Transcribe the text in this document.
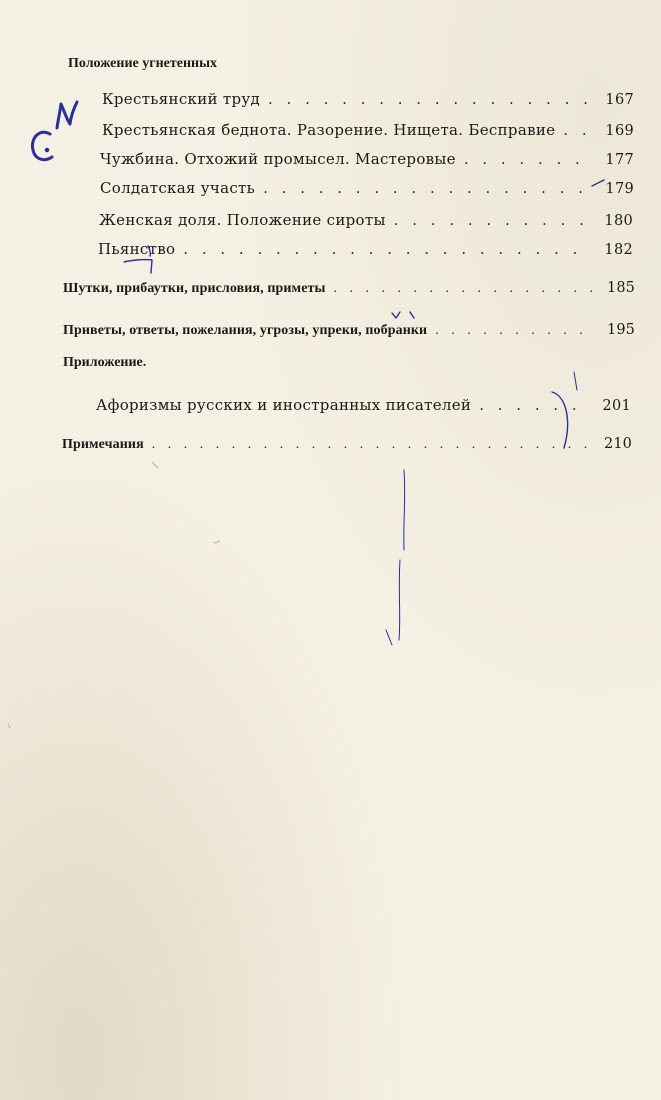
Положение угнетенных
Крестьянский труд . . .	167
Крестьянская беднота. Разорение. Нищета. Бесправие . . .	169
Чужбина. Отхожий промысел. Мастеровые . . .	177
Солдатская участь . . .	179
Женская доля. Положение сироты . . .	180
Пьянство . . .	182
Шутки, прибаутки, присловия, приметы . . .	185
Приветы, ответы, пожелания, угрозы, упреки, побранки . . .	195
Приложение.
Афоризмы русских и иностранных писателей . . .	201
Примечания . . .	210
